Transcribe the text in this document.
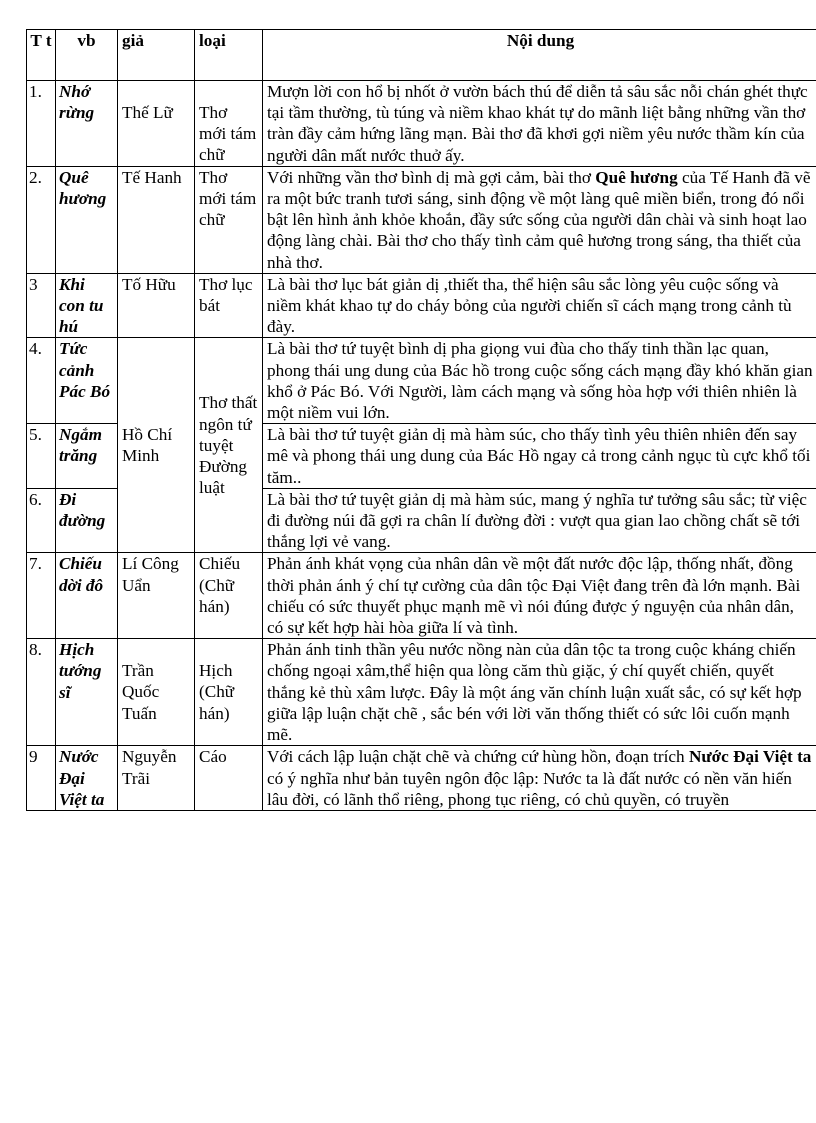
T t	vb	giả	loại	Nội dung
1.	Nhớ rừng	Thế Lữ	Thơ mới tám chữ	Mượn lời con hổ bị nhốt ở vườn bách thú để diễn tả sâu sắc nỗi chán ghét thực tại tầm thường, tù túng và niềm khao khát tự do mãnh liệt bằng những vần thơ tràn đầy cảm hứng lãng mạn. Bài thơ đã khơi gợi niềm yêu nước thầm kín của người dân mất nước thuở ấy.
2.	Quê hương	Tế Hanh	Thơ mới tám chữ	Với những vần thơ bình dị mà gợi cảm, bài thơ Quê hương của Tế Hanh đã vẽ ra một bức tranh tươi sáng, sinh động về một làng quê miền biển, trong đó nổi bật lên hình ảnh khỏe khoắn, đầy sức sống của người dân chài và sinh hoạt lao động làng chài. Bài thơ cho thấy tình cảm quê hương trong sáng, tha thiết của nhà thơ.
3	Khi con tu hú	Tố Hữu	Thơ lục bát	Là bài thơ lục bát giản dị ,thiết tha, thể hiện sâu sắc lòng yêu cuộc sống và niềm khát khao tự do cháy bỏng của người chiến sĩ cách mạng trong cảnh tù đày.
4.	Tức cảnh Pác Bó	Hồ Chí Minh	Thơ thất ngôn tứ tuyệt Đường luật	Là bài thơ tứ tuyệt bình dị pha giọng vui đùa cho thấy tinh thần lạc quan, phong thái ung dung của Bác hồ trong cuộc sống cách mạng đầy khó khăn gian khổ ở Pác Bó. Với Người, làm cách mạng và sống hòa hợp với thiên nhiên là một niềm vui lớn.
5.	Ngắm trăng			Là bài thơ tứ tuyệt giản dị mà hàm súc, cho thấy tình yêu thiên nhiên đến say mê và phong thái ung dung của Bác Hồ ngay cả trong cảnh ngục tù cực khổ tối tăm..
6.	Đi đường			Là bài thơ tứ tuyệt giản dị mà hàm súc, mang ý nghĩa tư tưởng sâu sắc; từ việc đi đường núi đã gợi ra chân lí đường đời : vượt qua gian lao chồng chất sẽ tới thắng lợi vẻ vang.
7.	Chiếu dời đô	Lí Công Uẩn	Chiếu (Chữ hán)	Phản ánh khát vọng của nhân dân về một đất nước độc lập, thống nhất, đồng thời phản ánh ý chí tự cường của dân tộc Đại Việt đang trên đà lớn mạnh. Bài chiếu có sức thuyết phục mạnh mẽ vì nói đúng được ý nguyện của nhân dân, có sự kết hợp hài hòa giữa lí và tình.
8.	Hịch tướng sĩ	Trần Quốc Tuấn	Hịch (Chữ hán)	Phản ánh tinh thần yêu nước nồng nàn của dân tộc ta trong cuộc kháng chiến chống ngoại xâm,thể hiện qua lòng căm thù giặc, ý chí quyết chiến, quyết thắng kẻ thù xâm lược. Đây là một áng văn chính luận xuất sắc, có sự kết hợp giữa lập luận chặt chẽ , sắc bén với lời văn thống thiết có sức lôi cuốn mạnh mẽ.
9	Nước Đại Việt ta	Nguyễn Trãi	Cáo	Với cách lập luận chặt chẽ và chứng cứ hùng hồn, đoạn trích Nước Đại Việt ta có ý nghĩa như bản tuyên ngôn độc lập: Nước ta là đất nước có nền văn hiến lâu đời, có lãnh thổ riêng, phong tục riêng, có chủ quyền, có truyền
